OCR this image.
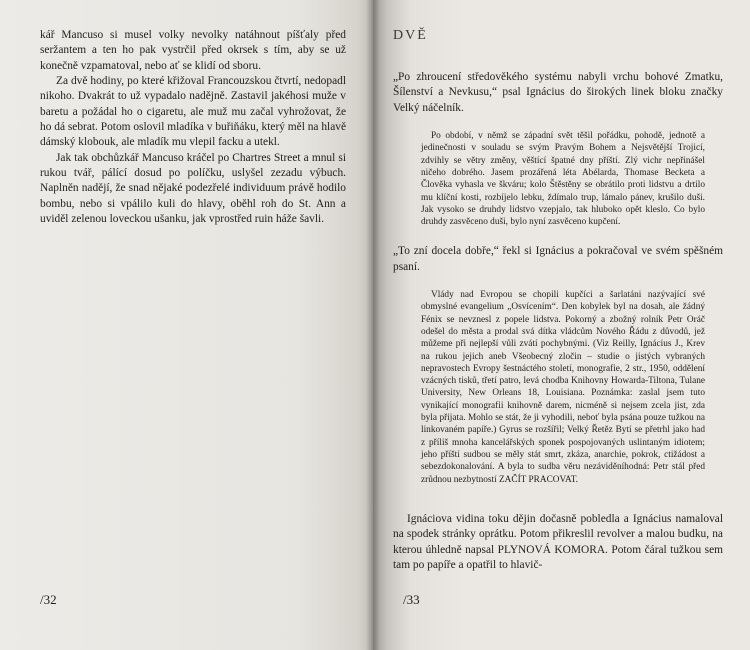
kář Mancuso si musel volky nevolky natáhnout píšťaly před seržantem a ten ho pak vystrčil před okrsek s tím, aby se už konečně vzpamatoval, nebo ať se klidí od sboru.

Za dvě hodiny, po které křižoval Francouzskou čtvrtí, nedopadl nikoho. Dvakrát to už vypadalo nadějně. Zastavil jakéhosi muže v baretu a požádal ho o cigaretu, ale muž mu začal vyhrožovat, že ho dá sebrat. Potom oslovil mladíka v buřiňáku, který měl na hlavě dámský klobouk, ale mladík mu vlepil facku a utekl.

Jak tak obchůzkář Mancuso kráčel po Chartres Street a mnul si rukou tvář, pálící dosud po políčku, uslyšel zezadu výbuch. Naplněn nadějí, že snad nějaké podezřelé individuum právě hodilo bombu, nebo si vpálilo kuli do hlavy, oběhl roh do St. Ann a uviděl zelenou loveckou ušanku, jak vprostřed ruin háže šavli.

/32
DVĚ

„Po zhroucení středověkého systému nabyli vrchu bohové Zmatku, Šílenství a Nevkusu,“ psal Ignácius do širokých linek bloku značky Velký náčelník.

Po období, v němž se západní svět těšil pořádku, pohodě, jednotě a jedinečnosti v souladu se svým Pravým Bohem a Nejsvětější Trojicí, zdvihly se větry změny, věštící špatné dny příští. Zlý vichr nepřinášel ničeho dobrého. Jasem prozářená léta Abélarda, Thomase Becketa a Člověka vyhasla ve škváru; kolo Štěstěny se obrátilo proti lidstvu a drtilo mu klíční kosti, rozbíjelo lebku, ždímalo trup, lámalo pánev, krušilo duši. Jak vysoko se druhdy lidstvo vzepjalo, tak hluboko opět kleslo. Co bylo druhdy zasvěceno duši, bylo nyní zasvěceno kupčení.

„To zní docela dobře,“ řekl si Ignácius a pokračoval ve svém spěšném psaní.

Vlády nad Evropou se chopili kupčíci a šarlatáni nazývající své obmyslné evangelium „Osvícením“. Den kobylek byl na dosah, ale žádný Fénix se nevznesl z popele lidstva. Pokorný a zbožný rolník Petr Oráč odešel do města a prodal svá dítka vládcům Nového Řádu z důvodů, jež můžeme při nejlepší vůli zvátí pochybnými. (Viz Reilly, Ignácius J., Krev na rukou jejich aneb Všeobecný zločin – studie o jistých vybraných nepravostech Evropy šestnáctého století, monografie, 2 str., 1950, oddělení vzácných tisků, třetí patro, levá chodba Knihovny Howarda-Tiltona, Tulane University, New Orleans 18, Louisiana. Poznámka: zaslal jsem tuto vynikající monografii knihovně darem, nicméně si nejsem zcela jist, zda byla přijata. Mohlo se stát, že ji vyhodili, neboť byla psána pouze tužkou na linkovaném papíře.) Gyrus se rozšířil; Velký Řetěz Bytí se přetrhl jako had z příliš mnoha kancelářských sponek pospojovaných uslintaným idiotem; jeho příští sudbou se měly stát smrt, zkáza, anarchie, pokrok, ctižádost a sebezdokonalování. A byla to sudba věru nezáviděníhodná: Petr stál před zrůdnou nezbytností ZAČÍT PRACOVAT.

Ignáciova vidina toku dějin dočasně pobledla a Ignácius namaloval na spodek stránky oprátku. Potom přikreslil revolver a malou budku, na kterou úhledně napsal PLYNOVÁ KOMORA. Potom čáral tužkou sem tam po papíře a opatřil to hlavič-

/33
